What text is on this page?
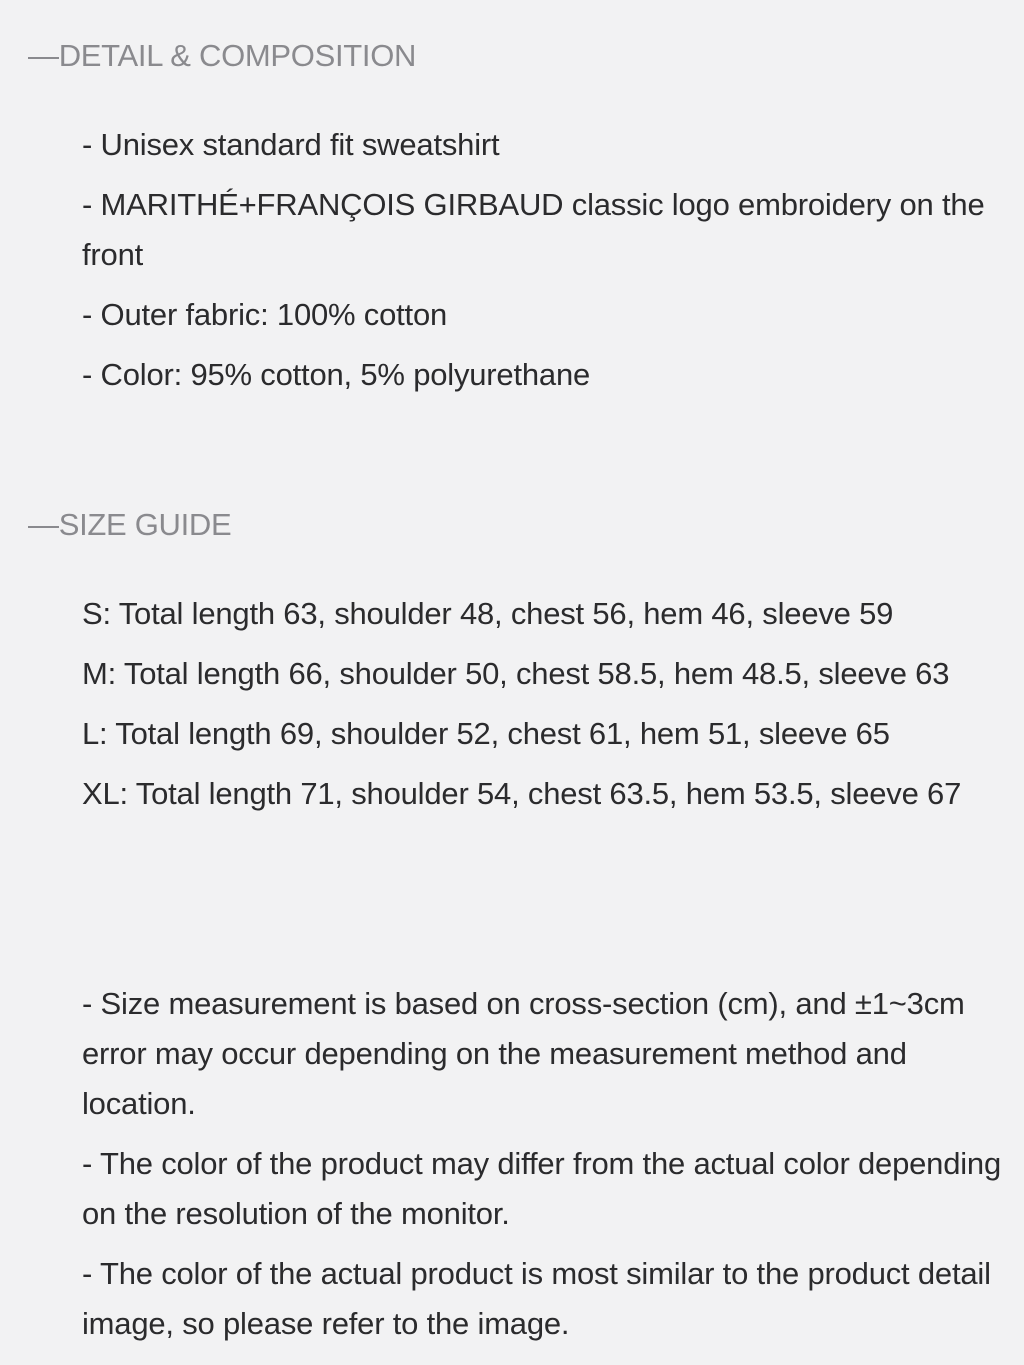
—DETAIL & COMPOSITION

- Unisex standard fit sweatshirt

- MARITHÉ+FRANÇOIS GIRBAUD classic logo embroidery on the front

- Outer fabric: 100% cotton

- Color: 95% cotton, 5% polyurethane

—SIZE GUIDE

S: Total length 63, shoulder 48, chest 56, hem 46, sleeve 59

M: Total length 66, shoulder 50, chest 58.5, hem 48.5, sleeve 63

L: Total length 69, shoulder 52, chest 61, hem 51, sleeve 65

XL: Total length 71, shoulder 54, chest 63.5, hem 53.5, sleeve 67

- Size measurement is based on cross-section (cm), and ±1~3cm error may occur depending on the measurement method and location.

- The color of the product may differ from the actual color depending on the resolution of the monitor.

- The color of the actual product is most similar to the product detail image, so please refer to the image.
